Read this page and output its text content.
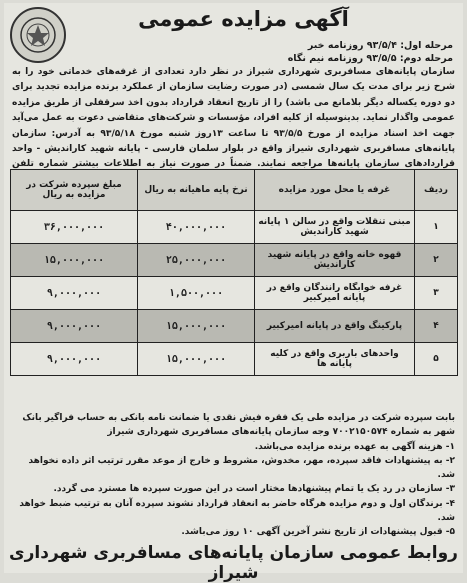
آگهی مزایده عمومی
مرحله اول: ۹۳/۵/۴ روزنامه خبر
مرحله دوم: ۹۳/۵/۵ روزنامه نیم نگاه
سازمان پایانه‌های مسافربری شهرداری شیراز در نظر دارد تعدادی از غرفه‌های خدماتی خود را به شرح زیر برای مدت یک سال شمسی (در صورت رضایت سازمان از عملکرد برنده مزایده تجدید برای دو دوره یکساله دیگر بلامانع می باشد) را از تاریخ انعقاد قرارداد بدون اخذ سرقفلی از طریق مزایده عمومی واگذار نماید. بدینوسیله از کلیه افراد، مؤسسات و شرکت‌های متقاضی دعوت به عمل می‌آید جهت اخذ اسناد مزایده از مورخ ۹۳/۵/۵ تا ساعت ۱۳روز شنبه مورخ ۹۳/۵/۱۸ به آدرس: سازمان پایانه‌های مسافربری شهرداری شیراز واقع در بلوار سلمان فارسی - پایانه شهید کاراندیش - واحد قراردادهای سازمان پایانه‌ها مراجعه نمایند. ضمناً در صورت نیاز به اطلاعات بیشتر شماره تلفن
ردیف	غرفه یا محل مورد مزایده	نرخ پایه ماهیانه به ریال	مبلغ سپرده شرکت در مزایده به ریال
۱	مبنی تنقلات واقع در سالن ۱ پایانه شهید کاراندیش	۴۰,۰۰۰,۰۰۰	۳۶,۰۰۰,۰۰۰
۲	قهوه خانه واقع در پایانه شهید کاراندیش	۲۵,۰۰۰,۰۰۰	۱۵,۰۰۰,۰۰۰
۳	غرفه خوابگاه رانندگان واقع در پایانه امیرکبیر	۱,۵۰۰,۰۰۰	۹,۰۰۰,۰۰۰
۴	پارکینگ واقع در پایانه امیرکبیر	۱۵,۰۰۰,۰۰۰	۹,۰۰۰,۰۰۰
۵	واحدهای باربری واقع در کلیه پایانه ها	۱۵,۰۰۰,۰۰۰	۹,۰۰۰,۰۰۰
بابت سپرده شرکت در مزایده طی یک فقره فیش نقدی یا ضمانت نامه بانکی به حساب فراگیر بانک شهر به شماره ۷۰۰۲۱۵۰۵۷۴ وجه سازمان پایانه‌های مسافربری شهرداری شیراز
۱- هزینه آگهی به عهده برنده مزایده می‌باشد.
۲- به پیشنهادات فاقد سپرده، مهر، مخدوش، مشروط و خارج از موعد مقرر ترتیب اثر داده نخواهد شد.
۳- سازمان در رد یک یا تمام پیشنهادها مختار است در این صورت سپرده ها مسترد می گردد.
۴- برندگان اول و دوم مزایده هرگاه حاضر به انعقاد قرارداد نشوند سپرده آنان به ترتیب ضبط خواهد شد.
۵- قبول پیشنهادات از تاریخ نشر آخرین آگهی ۱۰ روز می‌باشد.
روابط عمومی سازمان پایانه‌های مسافربری شهرداری شیراز
